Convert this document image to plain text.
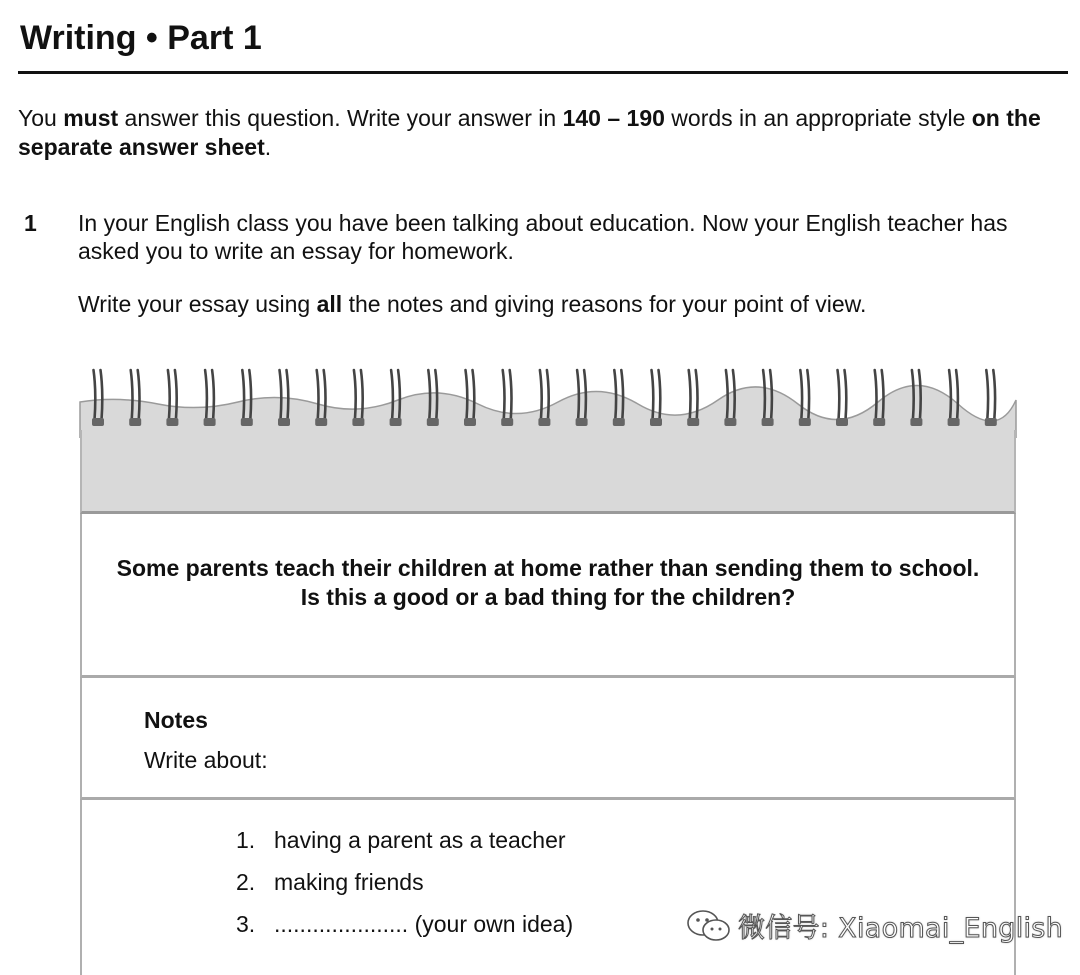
Writing • Part 1

You must answer this question. Write your answer in 140 – 190 words in an appropriate style on the separate answer sheet.

1 In your English class you have been talking about education. Now your English teacher has asked you to write an essay for homework.

Write your essay using all the notes and giving reasons for your point of view.

Some parents teach their children at home rather than sending them to school.
Is this a good or a bad thing for the children?

Notes

Write about:

1. having a parent as a teacher
2. making friends
3. ..................... (your own idea)	微信号: Xiaomai_English
